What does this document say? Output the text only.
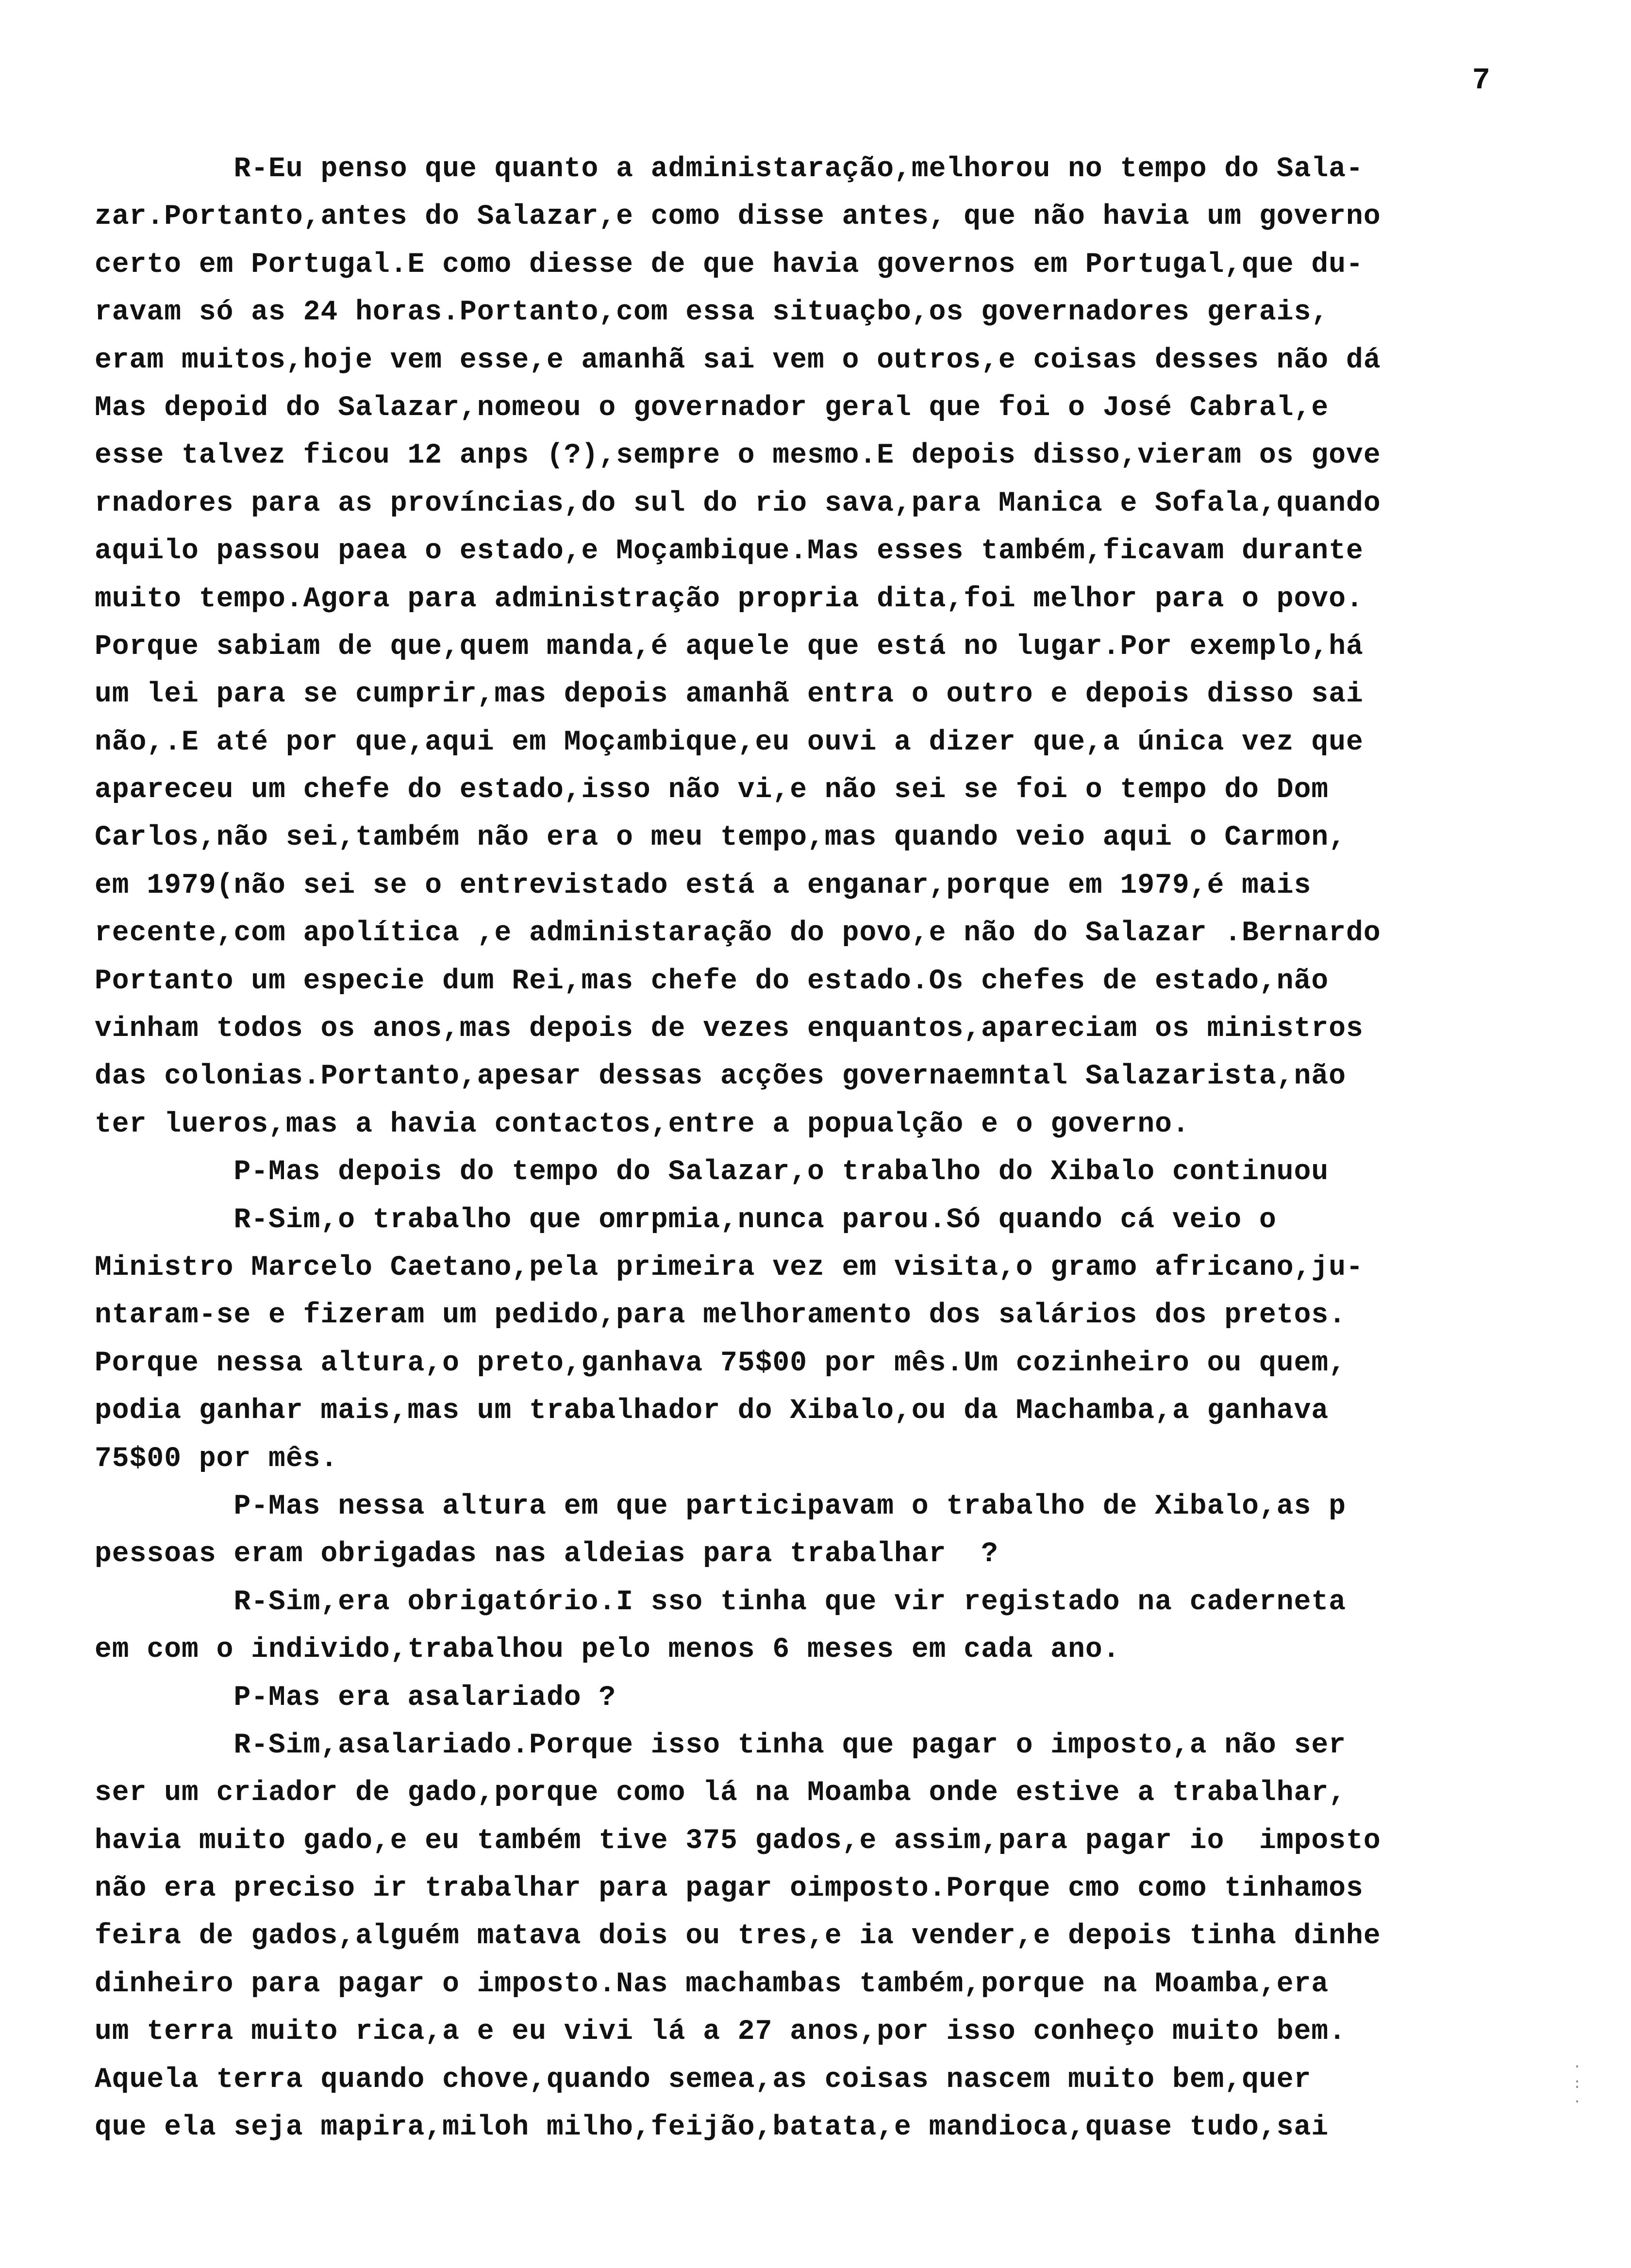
7
R-Eu penso que quanto a administaração,melhorou no tempo do Sala-
zar.Portanto,antes do Salazar,e como disse antes, que não havia um governo
certo em Portugal.E como diesse de que havia governos em Portugal,que du-
ravam só as 24 horas.Portanto,com essa situaçbo,os governadores gerais,
eram muitos,hoje vem esse,e amanhã sai vem o outros,e coisas desses não dá
Mas depoid do Salazar,nomeou o governador geral que foi o José Cabral,e
esse talvez ficou 12 anps (?),sempre o mesmo.E depois disso,vieram os gove
rnadores para as províncias,do sul do rio sava,para Manica e Sofala,quando
aquilo passou paea o estado,e Moçambique.Mas esses também,ficavam durante
muito tempo.Agora para administração propria dita,foi melhor para o povo.
Porque sabiam de que,quem manda,é aquele que está no lugar.Por exemplo,há
um lei para se cumprir,mas depois amanhã entra o outro e depois disso sai
não,.E até por que,aqui em Moçambique,eu ouvi a dizer que,a única vez que
apareceu um chefe do estado,isso não vi,e não sei se foi o tempo do Dom
Carlos,não sei,também não era o meu tempo,mas quando veio aqui o Carmon,
em 1979(não sei se o entrevistado está a enganar,porque em 1979,é mais
recente,com apolítica ,e administaração do povo,e não do Salazar .Bernardo
Portanto um especie dum Rei,mas chefe do estado.Os chefes de estado,não
vinham todos os anos,mas depois de vezes enquantos,apareciam os ministros
das colonias.Portanto,apesar dessas acções governaemntal Salazarista,não
ter lueros,mas a havia contactos,entre a popualção e o governo.
P-Mas depois do tempo do Salazar,o trabalho do Xibalo continuou
R-Sim,o trabalho que omrpmia,nunca parou.Só quando cá veio o
Ministro Marcelo Caetano,pela primeira vez em visita,o gramo africano,ju-
ntaram-se e fizeram um pedido,para melhoramento dos salários dos pretos.
Porque nessa altura,o preto,ganhava 75$00 por mês.Um cozinheiro ou quem,
podia ganhar mais,mas um trabalhador do Xibalo,ou da Machamba,a ganhava
75$00 por mês.
P-Mas nessa altura em que participavam o trabalho de Xibalo,as p
pessoas eram obrigadas nas aldeias para trabalhar  ?
R-Sim,era obrigatório.I sso tinha que vir registado na caderneta
em com o individo,trabalhou pelo menos 6 meses em cada ano.
P-Mas era asalariado ?
R-Sim,asalariado.Porque isso tinha que pagar o imposto,a não ser
ser um criador de gado,porque como lá na Moamba onde estive a trabalhar,
havia muito gado,e eu também tive 375 gados,e assim,para pagar io  imposto
não era preciso ir trabalhar para pagar oimposto.Porque cmo como tinhamos
feira de gados,alguém matava dois ou tres,e ia vender,e depois tinha dinhe
dinheiro para pagar o imposto.Nas machambas também,porque na Moamba,era
um terra muito rica,a e eu vivi lá a 27 anos,por isso conheço muito bem.
Aquela terra quando chove,quando semea,as coisas nascem muito bem,quer
que ela seja mapira,miloh milho,feijão,batata,e mandioca,quase tudo,sai
·
:
·
